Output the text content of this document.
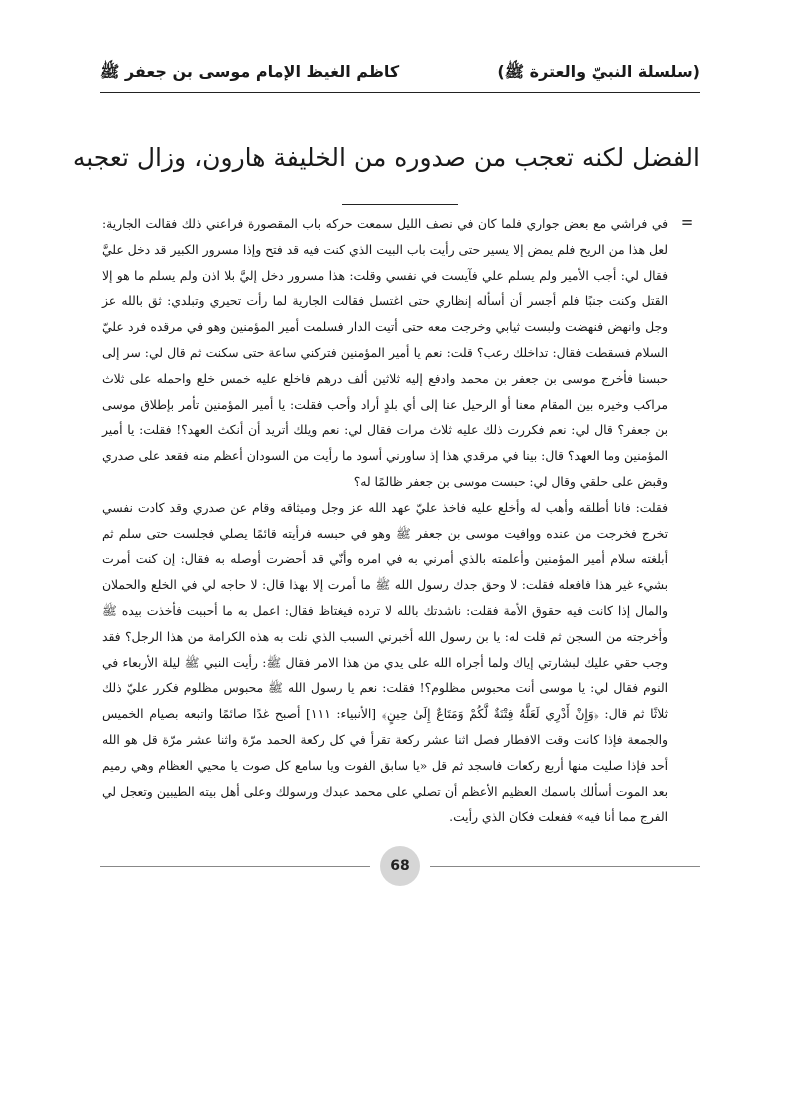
(سلسلة النبيّ والعترة ﷺ)
كاظم الغيظ الإمام موسى بن جعفر ﷺ
الفضل لكنه تعجب من صدوره من الخليفة هارون، وزال تعجبه
=
في فراشي مع بعض جواري فلما كان في نصف الليل سمعت حركه باب المقصورة فراعني ذلك فقالت الجارية: لعل هذا من الريح فلم يمض إلا يسير حتى رأيت باب البيت الذي كنت فيه قد فتح وإذا مسرور الكبير قد دخل عليَّ فقال لي: أجب الأمير ولم يسلم علي فآيست في نفسي وقلت: هذا مسرور دخل إليَّ بلا اذن ولم يسلم ما هو إلا القتل وكنت جنبًا فلم أجسر أن أسأله إنظاري حتى اغتسل فقالت الجارية لما رأت تحيري وتبلدي: ثق بالله عز وجل وانهض فنهضت ولبست ثيابي وخرجت معه حتى أتيت الدار فسلمت أمير المؤمنين وهو في مرقده فرد عليّ السلام فسقطت فقال: تداخلك رعب؟ قلت: نعم يا أمير المؤمنين فتركني ساعة حتى سكنت ثم قال لي: سر إلى حبسنا فأخرج موسى بن جعفر بن محمد وادفع إليه ثلاثين ألف درهم فاخلع عليه خمس خلع واحمله على ثلاث مراكب وخيره بين المقام معنا أو الرحيل عنا إلى أي بلدٍ أراد وأحب فقلت: يا أمير المؤمنين تأمر بإطلاق موسى بن جعفر؟ قال لي: نعم فكررت ذلك عليه ثلاث مرات فقال لي: نعم ويلك أتريد أن أنكث العهد؟! فقلت: يا أمير المؤمنين وما العهد؟ قال: بينا في مرقدي هذا إذ ساورني أسود ما رأيت من السودان أعظم منه فقعد على صدري وقبض على حلقي وقال لي: حبست موسى بن جعفر ظالمًا له؟
فقلت: فانا أطلقه وأهب له وأخلع عليه فاخذ عليّ عهد الله عز وجل وميثاقه وقام عن صدري وقد كادت نفسي تخرج فخرجت من عنده ووافيت موسى بن جعفر ﷺ وهو في حبسه فرأيته قائمًا يصلي فجلست حتى سلم ثم أبلغته سلام أمير المؤمنين وأعلمته بالذي أمرني به في امره وأنّي قد أحضرت أوصله به فقال: إن كنت أمرت بشيء غير هذا فافعله فقلت: لا وحق جدك رسول الله ﷺ ما أمرت إلا بهذا قال: لا حاجه لي في الخلع والحملان والمال إذا كانت فيه حقوق الأمة فقلت: ناشدتك بالله لا ترده فيغتاظ فقال: اعمل به ما أحببت فأخذت بيده ﷺ وأخرجته من السجن ثم قلت له: يا بن رسول الله أخبرني السبب الذي نلت به هذه الكرامة من هذا الرجل؟ فقد وجب حقي عليك لبشارتي إياك ولما أجراه الله على يدي من هذا الامر فقال ﷺ: رأيت النبي ﷺ ليلة الأربعاء في النوم فقال لي: يا موسى أنت محبوس مظلوم؟! فقلت: نعم يا رسول الله ﷺ محبوس مظلوم فكرر عليّ ذلك ثلاثًا ثم قال: ﴿وَإِنْ أَدْرِي لَعَلَّهُ فِتْنَةٌ لَّكُمْ وَمَتَاعٌ إِلَىٰ حِينٍ﴾ [الأنبياء: ١١١] أصبح غدًا صائمًا واتبعه بصيام الخميس والجمعة فإذا كانت وقت الافطار فصل اثنا عشر ركعة تقرأ في كل ركعة الحمد مرّة واثنا عشر مرّة قل هو الله أحد فإذا صليت منها أربع ركعات فاسجد ثم قل «يا سابق الفوت ويا سامع كل صوت يا محيي العظام وهي رميم بعد الموت أسألك باسمك العظيم الأعظم أن تصلي على محمد عبدك ورسولك وعلى أهل بيته الطيبين وتعجل لي الفرج مما أنا فيه» ففعلت فكان الذي رأيت.
68
